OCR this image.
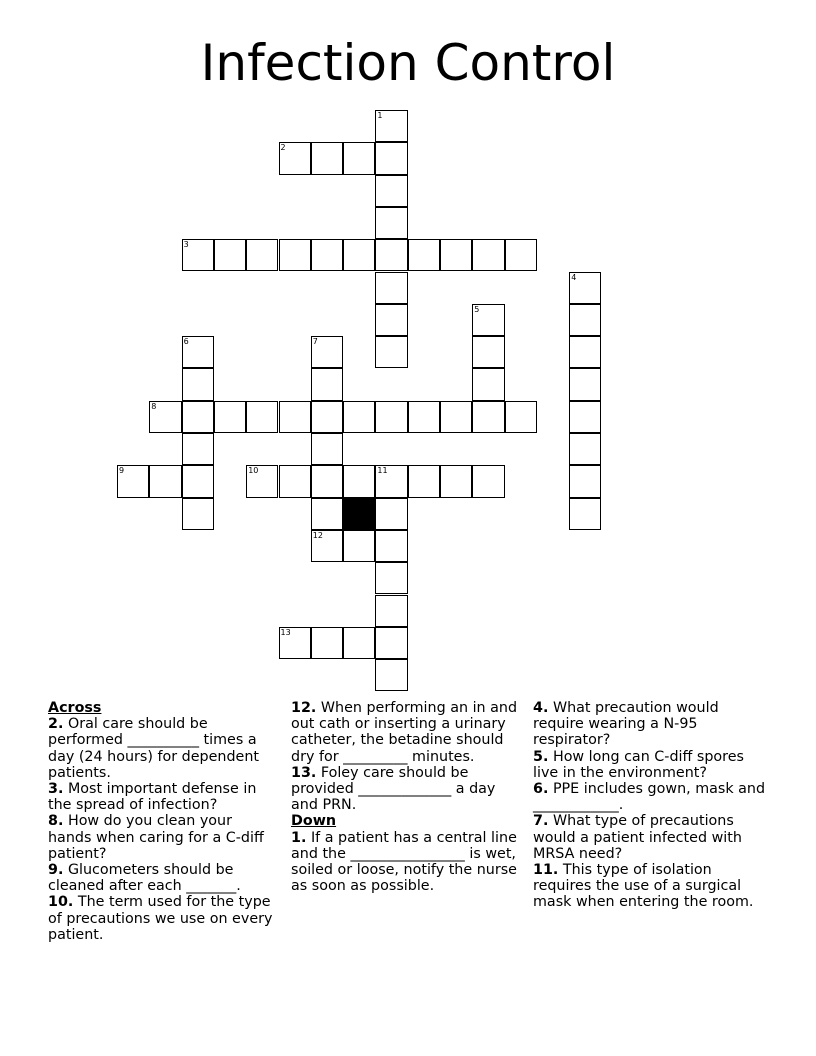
Infection Control
1
2
3
4
5
6	7
8
9	10	11
12
13
Across
2. Oral care should be performed __________ times a day (24 hours) for dependent patients.
3. Most important defense in the spread of infection?
8. How do you clean your hands when caring for a C-diff patient?
9. Glucometers should be cleaned after each _______.
10. The term used for the type of precautions we use on every patient.
12. When performing an in and out cath or inserting a urinary catheter, the betadine should dry for _________ minutes.
13. Foley care should be provided _____________ a day and PRN.
Down
1. If a patient has a central line and the ________________ is wet, soiled or loose, notify the nurse as soon as possible.
4. What precaution would require wearing a N-95 respirator?
5. How long can C-diff spores live in the environment?
6. PPE includes gown, mask and ____________.
7. What type of precautions would a patient infected with MRSA need?
11. This type of isolation requires the use of a surgical mask when entering the room.
